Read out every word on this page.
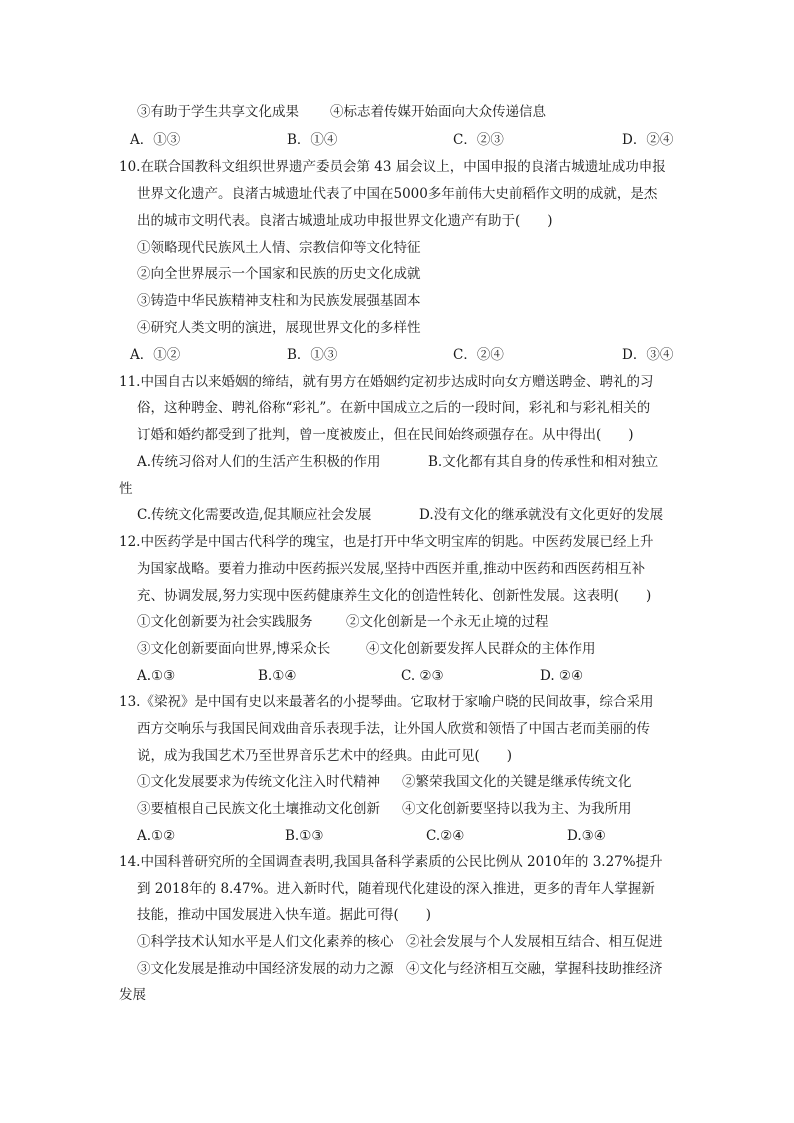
③有助于学生共享文化成果 ④标志着传媒开始面向大众传递信息
A．①③	B．①④	C．②③	D．②④
10.在联合国教科文组织世界遗产委员会第 43 届会议上，中国申报的良渚古城遗址成功申报
世界文化遗产。良渚古城遗址代表了中国在5000多年前伟大史前稻作文明的成就，是杰
出的城市文明代表。良渚古城遗址成功申报世界文化遗产有助于(　　)
①领略现代民族风土人情、宗教信仰等文化特征
②向全世界展示一个国家和民族的历史文化成就
③铸造中华民族精神支柱和为民族发展强基固本
④研究人类文明的演进，展现世界文化的多样性
A．①②	B．①③	C．②④	D．③④
11.中国自古以来婚姻的缔结，就有男方在婚姻约定初步达成时向女方赠送聘金、聘礼的习
俗，这种聘金、聘礼俗称“彩礼”。在新中国成立之后的一段时间，彩礼和与彩礼相关的
订婚和婚约都受到了批判，曾一度被废止，但在民间始终顽强存在。从中得出(　　)
A.传统习俗对人们的生活产生积极的作用	B.文化都有其自身的传承性和相对独立
性
C.传统文化需要改造,促其顺应社会发展	D.没有文化的继承就没有文化更好的发展
12.中医药学是中国古代科学的瑰宝，也是打开中华文明宝库的钥匙。中医药发展已经上升
为国家战略。要着力推动中医药振兴发展,坚持中西医并重,推动中医药和西医药相互补
充、协调发展,努力实现中医药健康养生文化的创造性转化、创新性发展。这表明(　　)
①文化创新要为社会实践服务 ②文化创新是一个永无止境的过程
③文化创新要面向世界,博采众长	④文化创新要发挥人民群众的主体作用
A.①③	B.①④	C. ②③	D. ②④
13.《梁祝》是中国有史以来最著名的小提琴曲。它取材于家喻户晓的民间故事，综合采用
西方交响乐与我国民间戏曲音乐表现手法，让外国人欣赏和领悟了中国古老而美丽的传
说，成为我国艺术乃至世界音乐艺术中的经典。由此可见(　　)
①文化发展要求为传统文化注入时代精神 ②繁荣我国文化的关键是继承传统文化
③要植根自己民族文化土壤推动文化创新 ④文化创新要坚持以我为主、为我所用
A.①②	B.①③	C.②④	D.③④
14.中国科普研究所的全国调查表明,我国具备科学素质的公民比例从 2010年的 3.27%提升
到 2018年的 8.47%。进入新时代，随着现代化建设的深入推进，更多的青年人掌握新
技能，推动中国发展进入快车道。据此可得(　　)
①科学技术认知水平是人们文化素养的核心 ②社会发展与个人发展相互结合、相互促进
③文化发展是推动中国经济发展的动力之源 ④文化与经济相互交融，掌握科技助推经济
发展
